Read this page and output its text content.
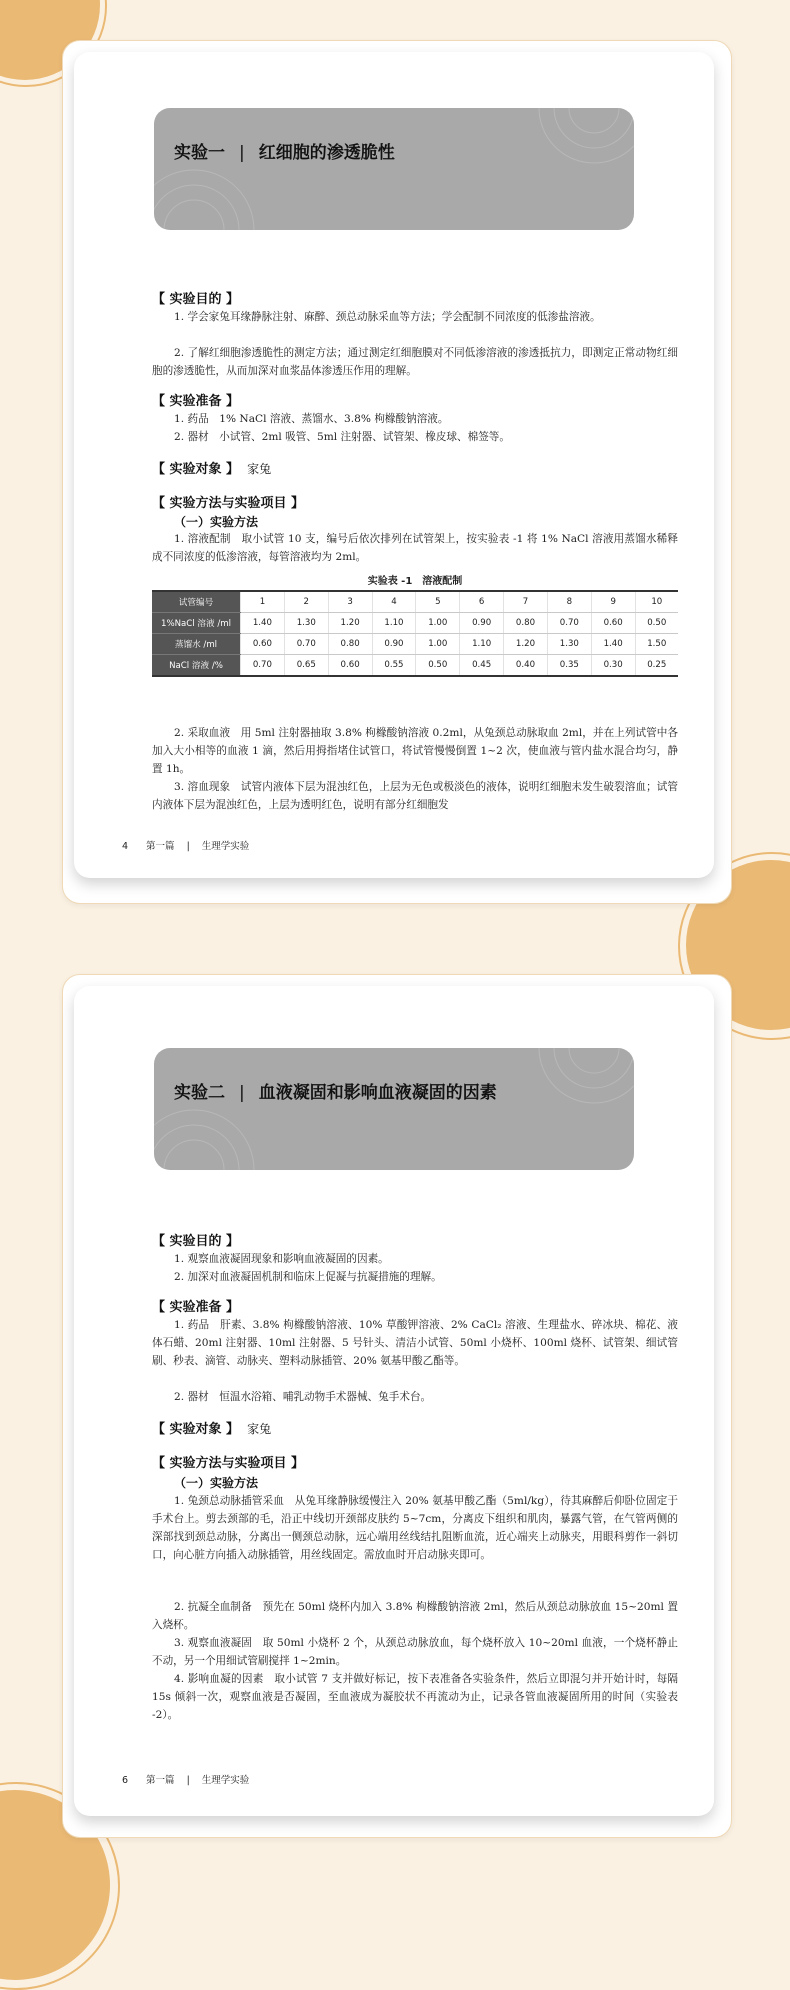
实验一 | 红细胞的渗透脆性
【 实验目的 】

1. 学会家兔耳缘静脉注射、麻醉、颈总动脉采血等方法；学会配制不同浓度的低渗盐溶液。

2. 了解红细胞渗透脆性的测定方法；通过测定红细胞膜对不同低渗溶液的渗透抵抗力，即测定正常动物红细胞的渗透脆性，从而加深对血浆晶体渗透压作用的理解。

【 实验准备 】

1. 药品　1% NaCl 溶液、蒸馏水、3.8% 枸橼酸钠溶液。

2. 器材　小试管、2ml 吸管、5ml 注射器、试管架、橡皮球、棉签等。

【 实验对象 】 家兔
【 实验方法与实验项目 】
（一）实验方法

1. 溶液配制　取小试管 10 支，编号后依次排列在试管架上，按实验表 -1 将 1% NaCl 溶液用蒸馏水稀释成不同浓度的低渗溶液，每管溶液均为 2ml。

实验表 -1　溶液配制
试管编号	1	2	3	4	5	6	7	8	9	10
1%NaCl 溶液 /ml	1.40	1.30	1.20	1.10	1.00	0.90	0.80	0.70	0.60	0.50
蒸馏水 /ml	0.60	0.70	0.80	0.90	1.00	1.10	1.20	1.30	1.40	1.50
NaCl 溶液 /%	0.70	0.65	0.60	0.55	0.50	0.45	0.40	0.35	0.30	0.25

2. 采取血液　用 5ml 注射器抽取 3.8% 枸橼酸钠溶液 0.2ml，从兔颈总动脉取血 2ml，并在上列试管中各加入大小相等的血液 1 滴，然后用拇指堵住试管口，将试管慢慢倒置 1~2 次，使血液与管内盐水混合均匀，静置 1h。

3. 溶血现象　试管内液体下层为混浊红色，上层为无色或极淡色的液体，说明红细胞未发生破裂溶血；试管内液体下层为混浊红色，上层为透明红色，说明有部分红细胞发

4 第一篇 | 生理学实验
实验二 | 血液凝固和影响血液凝固的因素
【 实验目的 】

1. 观察血液凝固现象和影响血液凝固的因素。

2. 加深对血液凝固机制和临床上促凝与抗凝措施的理解。

【 实验准备 】

1. 药品　肝素、3.8% 枸橼酸钠溶液、10% 草酸钾溶液、2% CaCl₂ 溶液、生理盐水、碎冰块、棉花、液体石蜡、20ml 注射器、10ml 注射器、5 号针头、清洁小试管、50ml 小烧杯、100ml 烧杯、试管架、细试管刷、秒表、滴管、动脉夹、塑料动脉插管、20% 氨基甲酸乙酯等。

2. 器材　恒温水浴箱、哺乳动物手术器械、兔手术台。

【 实验对象 】 家兔
【 实验方法与实验项目 】
（一）实验方法

1. 兔颈总动脉插管采血　从兔耳缘静脉缓慢注入 20% 氨基甲酸乙酯（5ml/kg），待其麻醉后仰卧位固定于手术台上。剪去颈部的毛，沿正中线切开颈部皮肤约 5~7cm，分离皮下组织和肌肉，暴露气管，在气管两侧的深部找到颈总动脉，分离出一侧颈总动脉，远心端用丝线结扎阻断血流，近心端夹上动脉夹，用眼科剪作一斜切口，向心脏方向插入动脉插管，用丝线固定。需放血时开启动脉夹即可。

2. 抗凝全血制备　预先在 50ml 烧杯内加入 3.8% 枸橼酸钠溶液 2ml，然后从颈总动脉放血 15~20ml 置入烧杯。

3. 观察血液凝固　取 50ml 小烧杯 2 个，从颈总动脉放血，每个烧杯放入 10~20ml 血液，一个烧杯静止不动，另一个用细试管刷搅拌 1~2min。

4. 影响血凝的因素　取小试管 7 支并做好标记，按下表准备各实验条件，然后立即混匀并开始计时，每隔 15s 倾斜一次，观察血液是否凝固，至血液成为凝胶状不再流动为止，记录各管血液凝固所用的时间（实验表 -2）。

6 第一篇 | 生理学实验
